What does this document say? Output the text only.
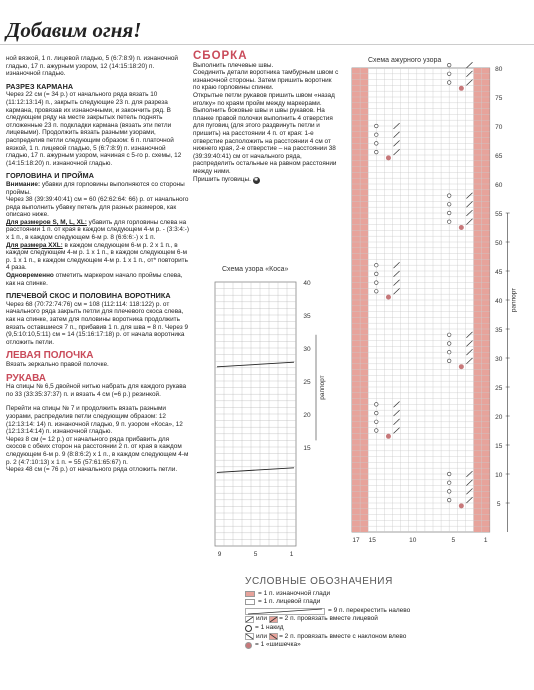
Добавим огня!

ной вязкой, 1 п. лицевой гладью, 5 (6:7:8:9) п. изнаночной гладью, 17 п. ажурным узором, 12 (14:15:18:20) п. изнаночной гладью.

РАЗРЕЗ КАРМАНА

Через 22 см (= 34 р.) от начального ряда вязать 10 (11:12:13:14) п., закрыть следующие 23 п. для разреза кармана, провязав их изнаночными, и закончить ряд. В следующем ряду на месте закрытых петель поднять отложенные 23 п. подкладки кармана (вязать эти петли лицевыми). Продолжить вязать разными узорами, распределив петли следующим образом: 6 п. платочной вязкой, 1 п. лицевой гладью, 5 (6:7:8:9) п. изнаночной гладью, 17 п. ажурным узором, начиная с 5-го р. схемы, 12 (14:15:18:20) п. изнаночной гладью.

ГОРЛОВИНА И ПРОЙМА

Внимание: убавки для горловины выполняются со стороны проймы.

Через 38 (39:39:40:41) см = 60 (62:62:64: 66) р. от начального ряда выполнить убавку петель для разных размеров, как описано ниже.

Для размеров S, M, L, XL: убавить для горловины слева на расстоянии 1 п. от края в каждом следующем 4-м р. - (3:3:4:-) х 1 п., в каждом следующем 6-м р. 8 (6:6:6:-) х 1 п.

Для размера XXL: в каждом следующем 6-м р. 2 х 1 п., в каждом следующем 4-м р. 1 х 1 п., в каждом следующем 6-м р. 1 х 1 п., в каждом следующем 4-м р. 1 х 1 п., от* повторить 4 раза.

Одновременно отметить маркером начало проймы слева, как на спинке.

ПЛЕЧЕВОЙ СКОС И ПОЛОВИНА ВОРОТНИКА

Через 68 (70:72:74:76) см = 108 (112:114: 118:122) р. от начального ряда закрыть петли для плечевого скоса слева, как на спинке, затем для половины воротника продолжить вязать оставшиеся 7 п., прибавив 1 п. для шва = 8 п. Через 9 (9,5:10:10,5:11) см = 14 (15:16:17:18) р. от начала воротника отложить петли.

ЛЕВАЯ ПОЛОЧКА

Вязать зеркально правой полочке.

РУКАВА

На спицы № 6,5 двойной нитью набрать для каждого рукава по 33 (33:35:37:37) п. и вязать 4 см (=6 р.) резинкой.

Перейти на спицы № 7 и продолжить вязать разными узорами, распределив петли следующим образом: 12 (12:13:14: 14) п. изнаночной гладью, 9 п. узором «Коса», 12 (12:13:14:14) п. изнаночной гладью.

Через 8 см (= 12 р.) от начального ряда прибавить для скосов с обеих сторон на расстоянии 2 п. от края в каждом следующем 6-м р. 9 (8:8:6:2) х 1 п., в каждом следующем 4-м р. 2 (4:7:10:13) х 1 п. = 55 (57:61:65:67) п.

Через 48 см (= 76 р.) от начального ряда отложить петли.

СБОРКА

Выполнить плечевые швы.

Соединить детали воротника тамбурным швом с изнаночной стороны. Затем пришить воротник по краю горловины спинки.

Открытые петли рукавов пришить швом «назад иголку» по краям пройм между маркерами.

Выполнить боковые швы и швы рукавов. На планке правой полочки выполнить 4 отверстия для пуговиц (для этого раздвинуть петли и пришить) на расстоянии 4 п. от края: 1-е отверстие расположить на расстоянии 4 см от нижнего края, 2-е отверстие – на расстоянии 38 (39:39:40:41) см от начального ряда, распределить остальные на равном расстоянии между ними.

Пришить пуговицы. ✱

Схема узора «Коса»
15
20
25
30
35
40
9	5	1
раппорт
Схема ажурного узора
5
10
15
20
25
30
35
40
45
50
55
60
65
70
75
80
17 15	10	5	1
раппорт
УСЛОВНЫЕ ОБОЗНАЧЕНИЯ
= 1 п. изнаночной глади
= 1 п. лицевой глади
= 9 п. перекрестить налево
или = 2 п. провязать вместе лицевой
= 1 накид
или = 2 п. провязать вместе с наклоном влево
= 1 «шишечка»
